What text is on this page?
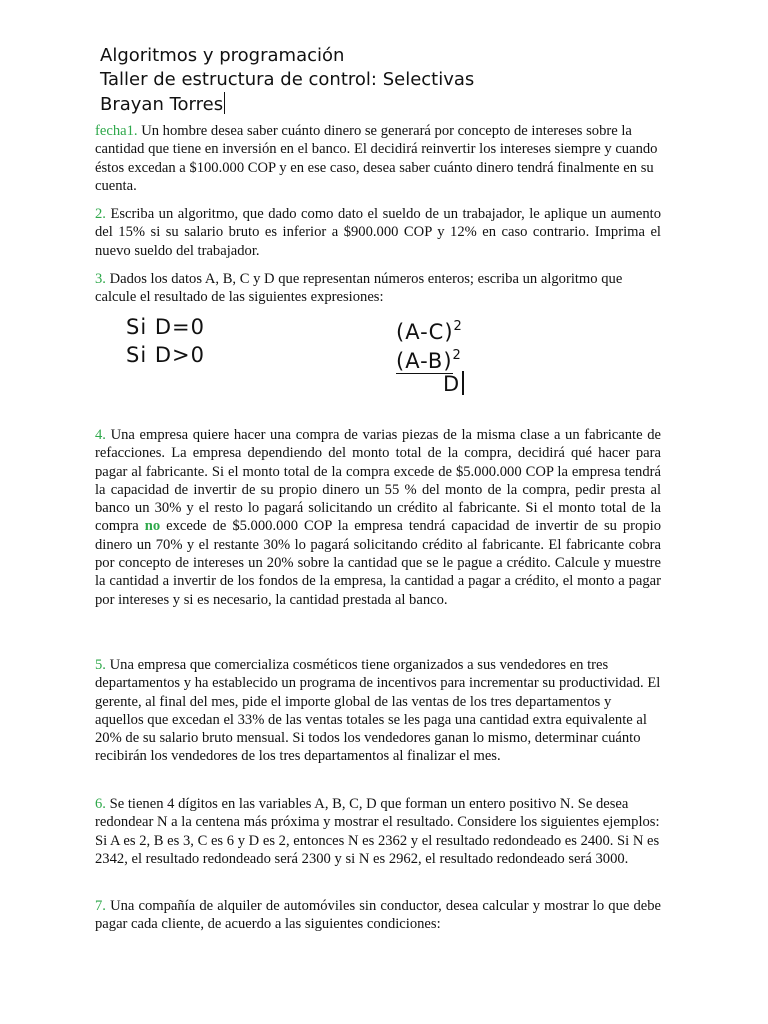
Algoritmos y programación
Taller de estructura de control: Selectivas
Brayan Torres

fecha1. Un hombre desea saber cuánto dinero se generará por concepto de intereses sobre la cantidad que tiene en inversión en el banco. El decidirá reinvertir los intereses siempre y cuando éstos excedan a $100.000 COP y en ese caso, desea saber cuánto dinero tendrá finalmente en su cuenta.

2. Escriba un algoritmo, que dado como dato el sueldo de un trabajador, le aplique un aumento del 15% si su salario bruto es inferior a $900.000 COP y 12% en caso contrario. Imprima el nuevo sueldo del trabajador.

3. Dados los datos A, B, C y D que representan números enteros; escriba un algoritmo que calcule el resultado de las siguientes expresiones:

Si D=0
Si D>0
$(A-C)^2$
$(A-B)^2$
D

4. Una empresa quiere hacer una compra de varias piezas de la misma clase a un fabricante de refacciones. La empresa dependiendo del monto total de la compra, decidirá qué hacer para pagar al fabricante. Si el monto total de la compra excede de $5.000.000 COP la empresa tendrá la capacidad de invertir de su propio dinero un 55 % del monto de la compra, pedir presta al banco un 30% y el resto lo pagará solicitando un crédito al fabricante. Si el monto total de la compra no excede de $5.000.000 COP la empresa tendrá capacidad de invertir de su propio dinero un 70% y el restante 30% lo pagará solicitando crédito al fabricante. El fabricante cobra por concepto de intereses un 20% sobre la cantidad que se le pague a crédito. Calcule y muestre la cantidad a invertir de los fondos de la empresa, la cantidad a pagar a crédito, el monto a pagar por intereses y si es necesario, la cantidad prestada al banco.

5. Una empresa que comercializa cosméticos tiene organizados a sus vendedores en tres departamentos y ha establecido un programa de incentivos para incrementar su productividad. El gerente, al final del mes, pide el importe global de las ventas de los tres departamentos y aquellos que excedan el 33% de las ventas totales se les paga una cantidad extra equivalente al 20% de su salario bruto mensual. Si todos los vendedores ganan lo mismo, determinar cuánto recibirán los vendedores de los tres departamentos al finalizar el mes.

6. Se tienen 4 dígitos en las variables A, B, C, D que forman un entero positivo N. Se desea redondear N a la centena más próxima y mostrar el resultado. Considere los siguientes ejemplos: Si A es 2, B es 3, C es 6 y D es 2, entonces N es 2362 y el resultado redondeado es 2400. Si N es 2342, el resultado redondeado será 2300 y si N es 2962, el resultado redondeado será 3000.

7. Una compañía de alquiler de automóviles sin conductor, desea calcular y mostrar lo que debe pagar cada cliente, de acuerdo a las siguientes condiciones:
